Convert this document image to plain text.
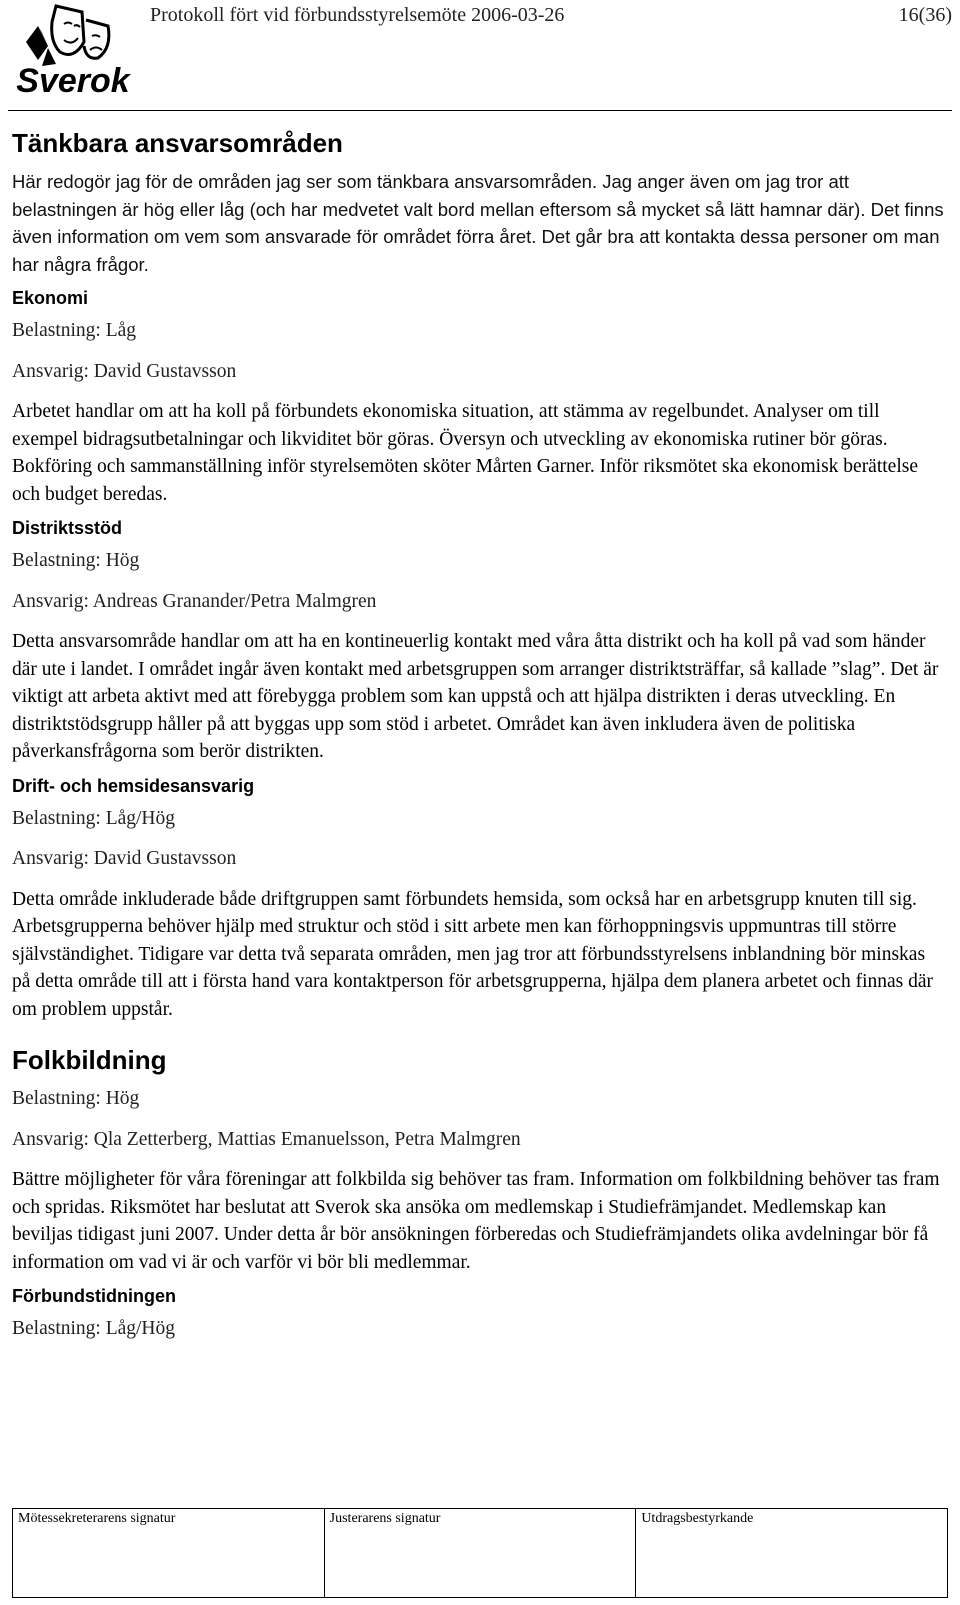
Sverok
Protokoll fört vid förbundsstyrelsemöte 2006-03-26	16(36)
Tänkbara ansvarsområden

Här redogör jag för de områden jag ser som tänkbara ansvarsområden. Jag anger även om jag tror att belastningen är hög eller låg (och har medvetet valt bord mellan eftersom så mycket så lätt hamnar där). Det finns även information om vem som ansvarade för området förra året. Det går bra att kontakta dessa personer om man har några frågor.

Ekonomi

Belastning: Låg

Ansvarig: David Gustavsson

Arbetet handlar om att ha koll på förbundets ekonomiska situation, att stämma av regelbundet. Analyser om till exempel bidragsutbetalningar och likviditet bör göras. Översyn och utveckling av ekonomiska rutiner bör göras. Bokföring och sammanställning inför styrelsemöten sköter Mårten Garner. Inför riksmötet ska ekonomisk berättelse och budget beredas.

Distriktsstöd

Belastning: Hög

Ansvarig: Andreas Granander/Petra Malmgren

Detta ansvarsområde handlar om att ha en kontineuerlig kontakt med våra åtta distrikt och ha koll på vad som händer där ute i landet. I området ingår även kontakt med arbetsgruppen som arranger distriktsträffar, så kallade ”slag”. Det är viktigt att arbeta aktivt med att förebygga problem som kan uppstå och att hjälpa distrikten i deras utveckling. En distriktstödsgrupp håller på att byggas upp som stöd i arbetet. Området kan även inkludera även de politiska påverkansfrågorna som berör distrikten.

Drift- och hemsidesansvarig

Belastning: Låg/Hög

Ansvarig: David Gustavsson

Detta område inkluderade både driftgruppen samt förbundets hemsida, som också har en arbetsgrupp knuten till sig. Arbetsgrupperna behöver hjälp med struktur och stöd i sitt arbete men kan förhoppningsvis uppmuntras till större självständighet. Tidigare var detta två separata områden, men jag tror att förbundsstyrelsens inblandning bör minskas på detta område till att i första hand vara kontaktperson för arbetsgrupperna, hjälpa dem planera arbetet och finnas där om problem uppstår.

Folkbildning

Belastning: Hög

Ansvarig: Qla Zetterberg, Mattias Emanuelsson, Petra Malmgren

Bättre möjligheter för våra föreningar att folkbilda sig behöver tas fram. Information om folkbildning behöver tas fram och spridas. Riksmötet har beslutat att Sverok ska ansöka om medlemskap i Studiefrämjandet. Medlemskap kan beviljas tidigast juni 2007. Under detta år bör ansökningen förberedas och Studiefrämjandets olika avdelningar bör få information om vad vi är och varför vi bör bli medlemmar.

Förbundstidningen

Belastning: Låg/Hög

Mötessekreterarens signatur	Justerarens signatur	Utdragsbestyrkande
